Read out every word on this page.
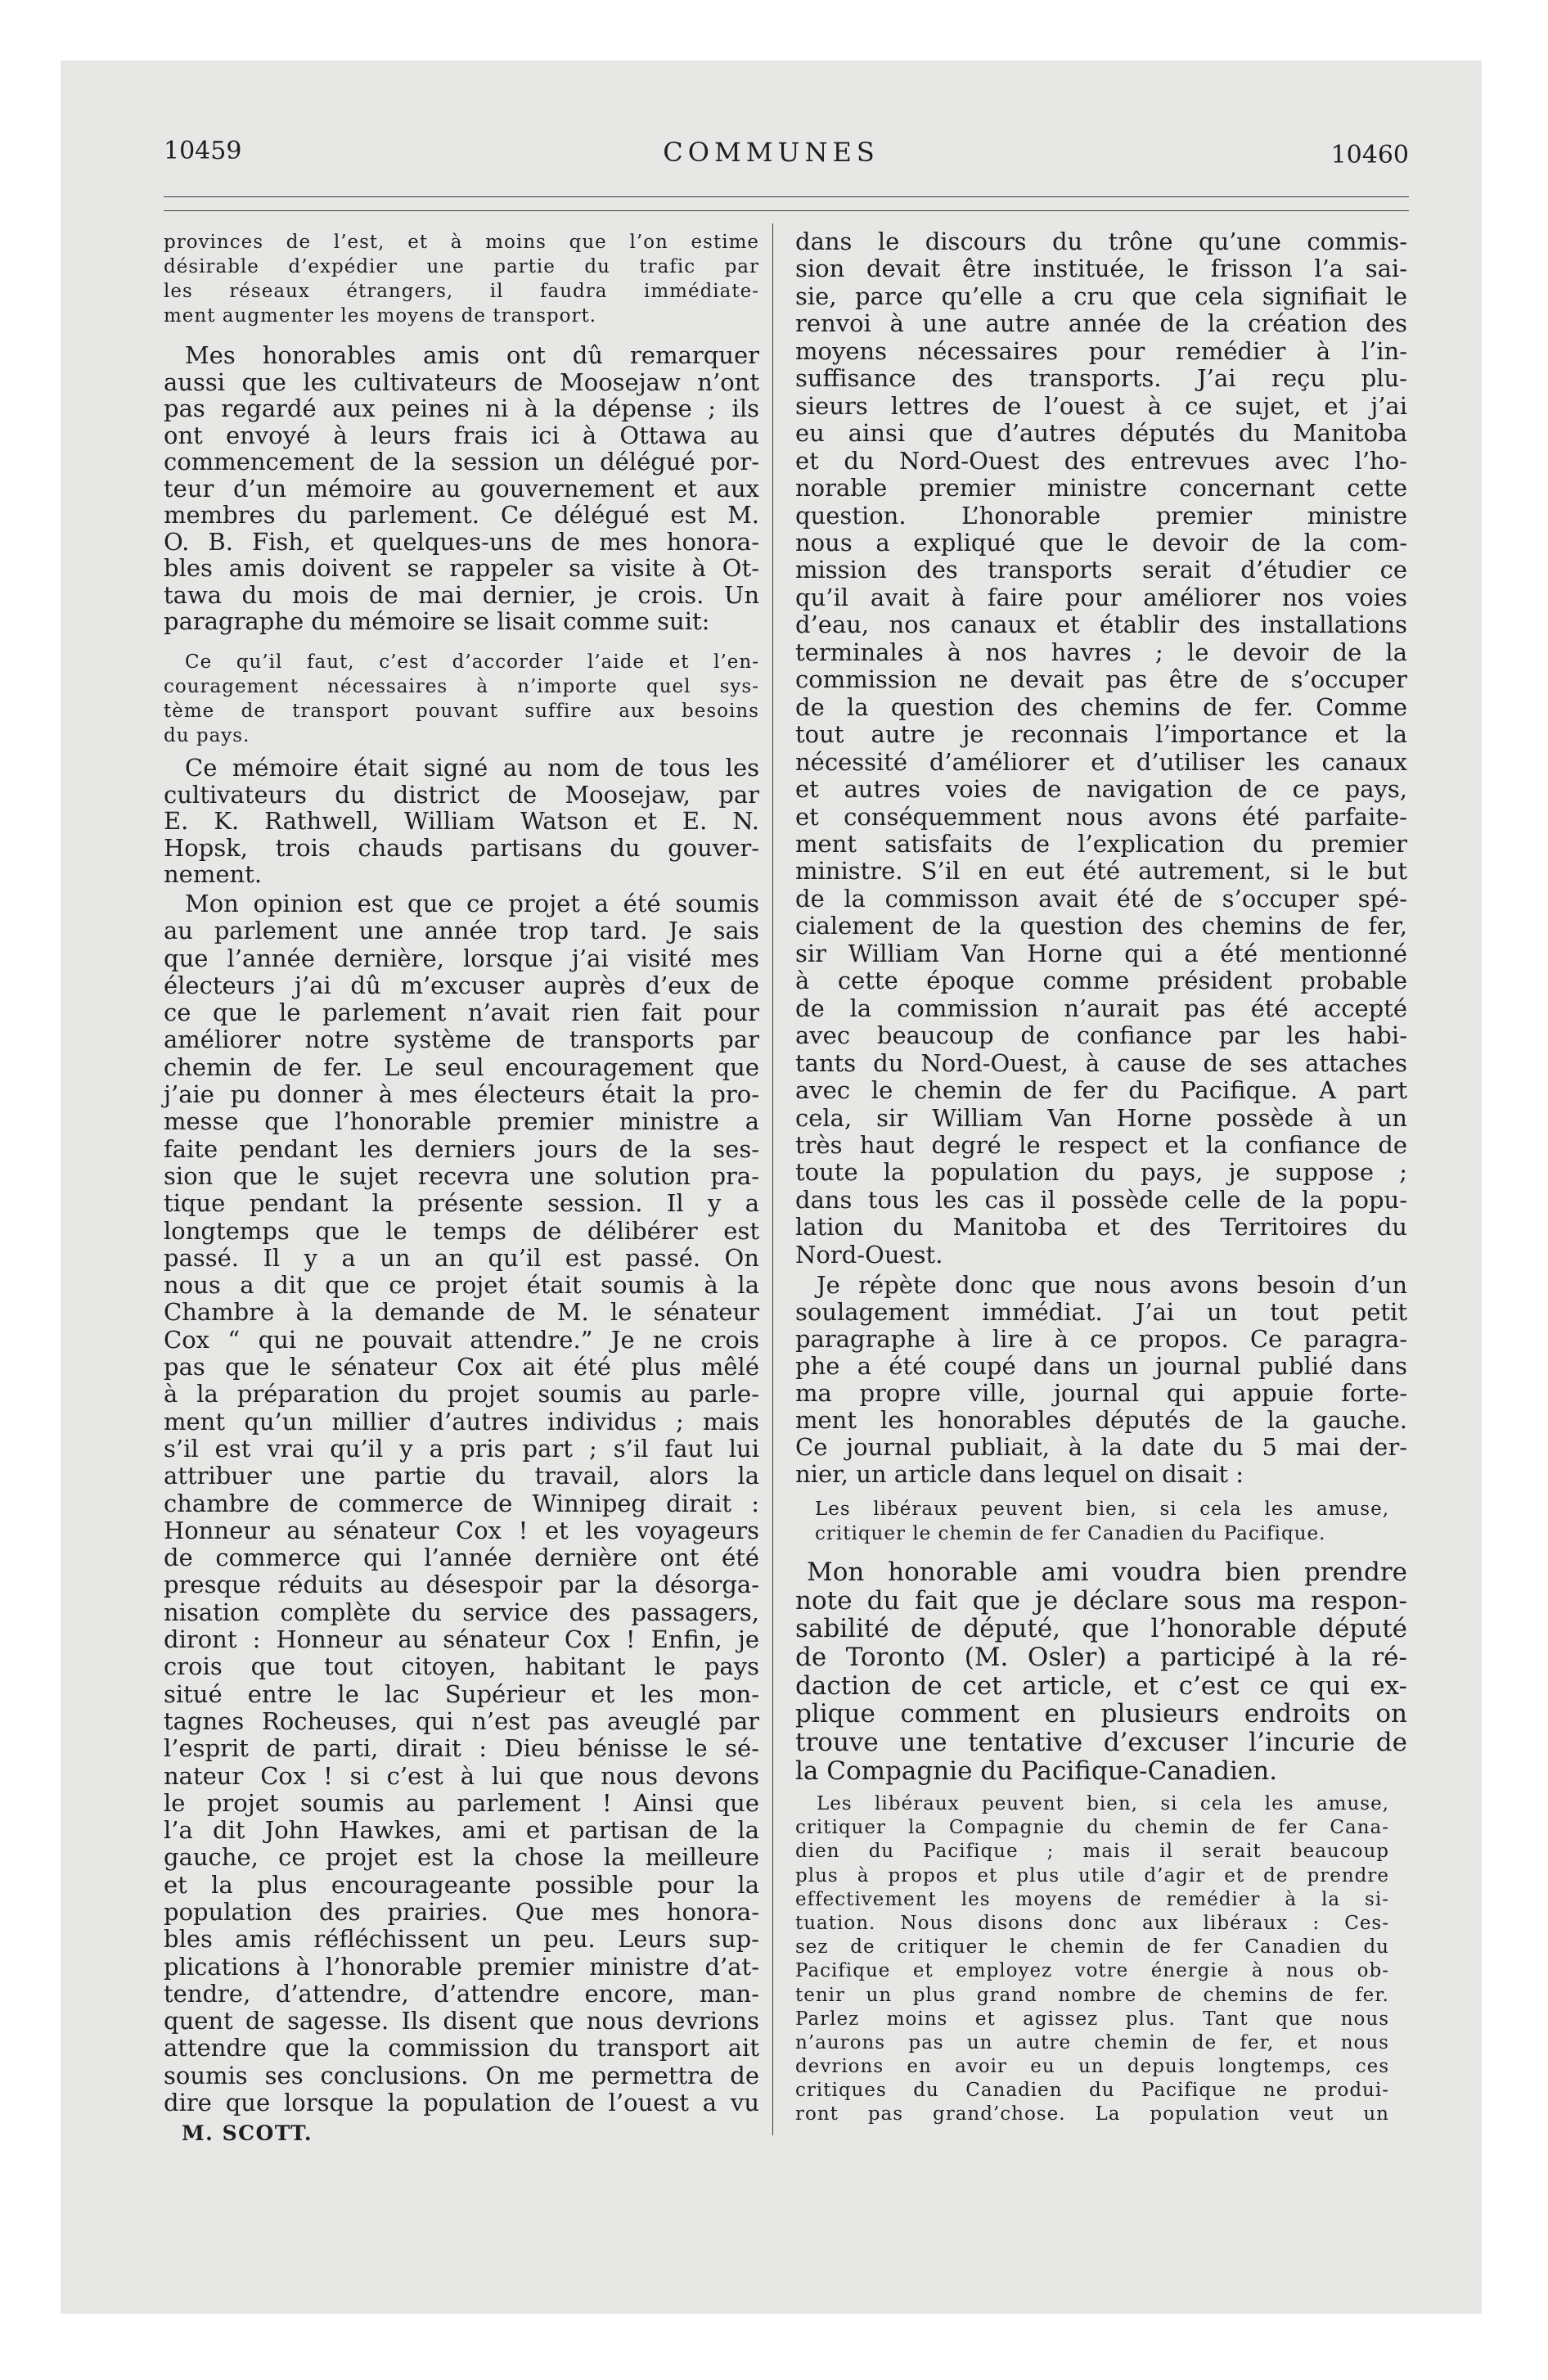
10459	COMMUNES	10460
provinces de l’est, et à moins que l’on estime
désirable d’expédier une partie du trafic par
les réseaux étrangers, il faudra immédiate-
ment augmenter les moyens de transport.
Mes honorables amis ont dû remarquer
aussi que les cultivateurs de Moosejaw n’ont
pas regardé aux peines ni à la dépense ; ils
ont envoyé à leurs frais ici à Ottawa au
commencement de la session un délégué por-
teur d’un mémoire au gouvernement et aux
membres du parlement. Ce délégué est M.
O. B. Fish, et quelques-uns de mes honora-
bles amis doivent se rappeler sa visite à Ot-
tawa du mois de mai dernier, je crois. Un
paragraphe du mémoire se lisait comme suit:
Ce qu’il faut, c’est d’accorder l’aide et l’en-
couragement nécessaires à n’importe quel sys-
tème de transport pouvant suffire aux besoins
du pays.
Ce mémoire était signé au nom de tous les
cultivateurs du district de Moosejaw, par
E. K. Rathwell, William Watson et E. N.
Hopsk, trois chauds partisans du gouver-
nement.
Mon opinion est que ce projet a été soumis
au parlement une année trop tard. Je sais
que l’année dernière, lorsque j’ai visité mes
électeurs j’ai dû m’excuser auprès d’eux de
ce que le parlement n’avait rien fait pour
améliorer notre système de transports par
chemin de fer. Le seul encouragement que
j’aie pu donner à mes électeurs était la pro-
messe que l’honorable premier ministre a
faite pendant les derniers jours de la ses-
sion que le sujet recevra une solution pra-
tique pendant la présente session. Il y a
longtemps que le temps de délibérer est
passé. Il y a un an qu’il est passé. On
nous a dit que ce projet était soumis à la
Chambre à la demande de M. le sénateur
Cox “ qui ne pouvait attendre.” Je ne crois
pas que le sénateur Cox ait été plus mêlé
à la préparation du projet soumis au parle-
ment qu’un millier d’autres individus ; mais
s’il est vrai qu’il y a pris part ; s’il faut lui
attribuer une partie du travail, alors la
chambre de commerce de Winnipeg dirait :
Honneur au sénateur Cox ! et les voyageurs
de commerce qui l’année dernière ont été
presque réduits au désespoir par la désorga-
nisation complète du service des passagers,
diront : Honneur au sénateur Cox ! Enfin, je
crois que tout citoyen, habitant le pays
situé entre le lac Supérieur et les mon-
tagnes Rocheuses, qui n’est pas aveuglé par
l’esprit de parti, dirait : Dieu bénisse le sé-
nateur Cox ! si c’est à lui que nous devons
le projet soumis au parlement ! Ainsi que
l’a dit John Hawkes, ami et partisan de la
gauche, ce projet est la chose la meilleure
et la plus encourageante possible pour la
population des prairies. Que mes honora-
bles amis réfléchissent un peu. Leurs sup-
plications à l’honorable premier ministre d’at-
tendre, d’attendre, d’attendre encore, man-
quent de sagesse. Ils disent que nous devrions
attendre que la commission du transport ait
soumis ses conclusions. On me permettra de
dire que lorsque la population de l’ouest a vu
M. SCOTT.
dans le discours du trône qu’une commis-
sion devait être instituée, le frisson l’a sai-
sie, parce qu’elle a cru que cela signifiait le
renvoi à une autre année de la création des
moyens nécessaires pour remédier à l’in-
suffisance des transports. J’ai reçu plu-
sieurs lettres de l’ouest à ce sujet, et j’ai
eu ainsi que d’autres députés du Manitoba
et du Nord-Ouest des entrevues avec l’ho-
norable premier ministre concernant cette
question. L’honorable premier ministre
nous a expliqué que le devoir de la com-
mission des transports serait d’étudier ce
qu’il avait à faire pour améliorer nos voies
d’eau, nos canaux et établir des installations
terminales à nos havres ; le devoir de la
commission ne devait pas être de s’occuper
de la question des chemins de fer. Comme
tout autre je reconnais l’importance et la
nécessité d’améliorer et d’utiliser les canaux
et autres voies de navigation de ce pays,
et conséquemment nous avons été parfaite-
ment satisfaits de l’explication du premier
ministre. S’il en eut été autrement, si le but
de la commisson avait été de s’occuper spé-
cialement de la question des chemins de fer,
sir William Van Horne qui a été mentionné
à cette époque comme président probable
de la commission n’aurait pas été accepté
avec beaucoup de confiance par les habi-
tants du Nord-Ouest, à cause de ses attaches
avec le chemin de fer du Pacifique. A part
cela, sir William Van Horne possède à un
très haut degré le respect et la confiance de
toute la population du pays, je suppose ;
dans tous les cas il possède celle de la popu-
lation du Manitoba et des Territoires du
Nord-Ouest.
Je répète donc que nous avons besoin d’un
soulagement immédiat. J’ai un tout petit
paragraphe à lire à ce propos. Ce paragra-
phe a été coupé dans un journal publié dans
ma propre ville, journal qui appuie forte-
ment les honorables députés de la gauche.
Ce journal publiait, à la date du 5 mai der-
nier, un article dans lequel on disait :
Les libéraux peuvent bien, si cela les amuse,
critiquer le chemin de fer Canadien du Pacifique.
Mon honorable ami voudra bien prendre
note du fait que je déclare sous ma respon-
sabilité de député, que l’honorable député
de Toronto (M. Osler) a participé à la ré-
daction de cet article, et c’est ce qui ex-
plique comment en plusieurs endroits on
trouve une tentative d’excuser l’incurie de
la Compagnie du Pacifique-Canadien.
Les libéraux peuvent bien, si cela les amuse,
critiquer la Compagnie du chemin de fer Cana-
dien du Pacifique ; mais il serait beaucoup
plus à propos et plus utile d’agir et de prendre
effectivement les moyens de remédier à la si-
tuation. Nous disons donc aux libéraux : Ces-
sez de critiquer le chemin de fer Canadien du
Pacifique et employez votre énergie à nous ob-
tenir un plus grand nombre de chemins de fer.
Parlez moins et agissez plus. Tant que nous
n’aurons pas un autre chemin de fer, et nous
devrions en avoir eu un depuis longtemps, ces
critiques du Canadien du Pacifique ne produi-
ront pas grand’chose. La population veut un
